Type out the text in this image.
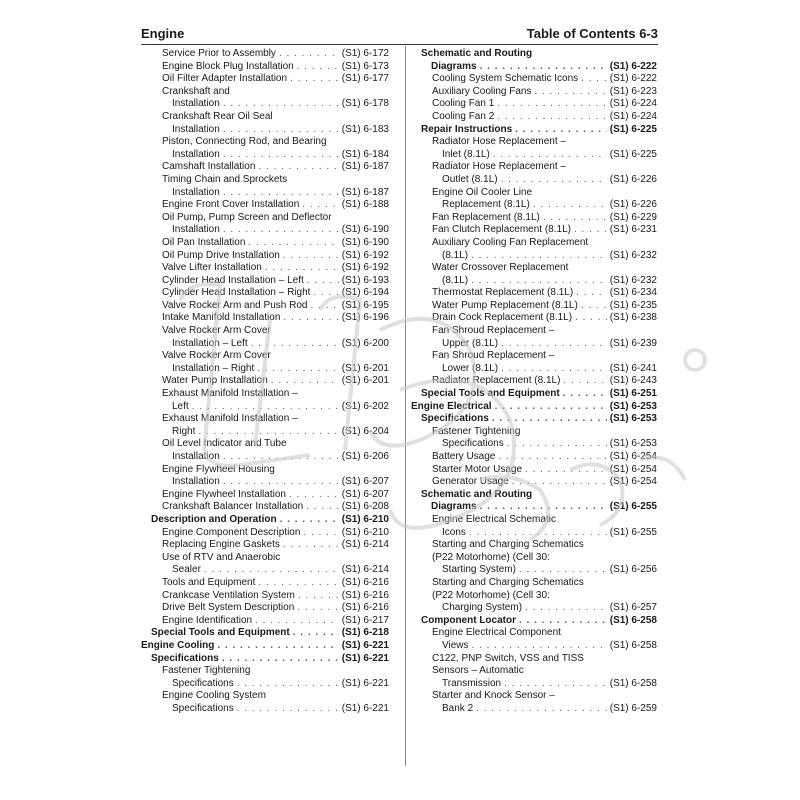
Engine	Table of Contents 6-3
Service Prior to Assembly . . .	(S1) 6-172
Engine Block Plug Installation . . .	(S1) 6-173
Oil Filter Adapter Installation . . .	(S1) 6-177
Crankshaft and
Installation . . .	(S1) 6-178
Crankshaft Rear Oil Seal
Installation . . .	(S1) 6-183
Piston, Connecting Rod, and Bearing
Installation . . .	(S1) 6-184
Camshaft Installation . . .	(S1) 6-187
Timing Chain and Sprockets
Installation . . .	(S1) 6-187
Engine Front Cover Installation . . .	(S1) 6-188
Oil Pump, Pump Screen and Deflector
Installation . . .	(S1) 6-190
Oil Pan Installation . . .	(S1) 6-190
Oil Pump Drive Installation . . .	(S1) 6-192
Valve Lifter Installation . . .	(S1) 6-192
Cylinder Head Installation – Left . . .	(S1) 6-193
Cylinder Head Installation – Right . . .	(S1) 6-194
Valve Rocker Arm and Push Rod . . .	(S1) 6-195
Intake Manifold Installation . . .	(S1) 6-196
Valve Rocker Arm Cover
Installation – Left . . .	(S1) 6-200
Valve Rocker Arm Cover
Installation – Right . . .	(S1) 6-201
Water Pump Installation . . .	(S1) 6-201
Exhaust Manifold Installation –
Left . . .	(S1) 6-202
Exhaust Manifold Installation –
Right . . .	(S1) 6-204
Oil Level Indicator and Tube
Installation . . .	(S1) 6-206
Engine Flywheel Housing
Installation . . .	(S1) 6-207
Engine Flywheel Installation . . .	(S1) 6-207
Crankshaft Balancer Installation . . .	(S1) 6-208
Description and Operation . . .	(S1) 6-210
Engine Component Description . . .	(S1) 6-210
Replacing Engine Gaskets . . .	(S1) 6-214
Use of RTV and Anaerobic
Sealer . . .	(S1) 6-214
Tools and Equipment . . .	(S1) 6-216
Crankcase Ventilation System . . .	(S1) 6-216
Drive Belt System Description . . .	(S1) 6-216
Engine Identification . . .	(S1) 6-217
Special Tools and Equipment . . .	(S1) 6-218
Engine Cooling . . .	(S1) 6-221
Specifications . . .	(S1) 6-221
Fastener Tightening
Specifications . . .	(S1) 6-221
Engine Cooling System
Specifications . . .	(S1) 6-221
Schematic and Routing
Diagrams . . .	(S1) 6-222
Cooling System Schematic Icons . . .	(S1) 6-222
Auxiliary Cooling Fans . . .	(S1) 6-223
Cooling Fan 1 . . .	(S1) 6-224
Cooling Fan 2 . . .	(S1) 6-224
Repair Instructions . . .	(S1) 6-225
Radiator Hose Replacement –
Inlet (8.1L) . . .	(S1) 6-225
Radiator Hose Replacement –
Outlet (8.1L) . . .	(S1) 6-226
Engine Oil Cooler Line
Replacement (8.1L) . . .	(S1) 6-226
Fan Replacement (8.1L) . . .	(S1) 6-229
Fan Clutch Replacement (8.1L) . . .	(S1) 6-231
Auxiliary Cooling Fan Replacement
(8.1L) . . .	(S1) 6-232
Water Crossover Replacement
(8.1L) . . .	(S1) 6-232
Thermostat Replacement (8.1L) . . .	(S1) 6-234
Water Pump Replacement (8.1L) . . .	(S1) 6-235
Drain Cock Replacement (8.1L) . . .	(S1) 6-238
Fan Shroud Replacement –
Upper (8.1L) . . .	(S1) 6-239
Fan Shroud Replacement –
Lower (8.1L) . . .	(S1) 6-241
Radiator Replacement (8.1L) . . .	(S1) 6-243
Special Tools and Equipment . . .	(S1) 6-251
Engine Electrical . . .	(S1) 6-253
Specifications . . .	(S1) 6-253
Fastener Tightening
Specifications . . .	(S1) 6-253
Battery Usage . . .	(S1) 6-254
Starter Motor Usage . . .	(S1) 6-254
Generator Usage . . .	(S1) 6-254
Schematic and Routing
Diagrams . . .	(S1) 6-255
Engine Electrical Schematic
Icons . . .	(S1) 6-255
Starting and Charging Schematics
(P22 Motorhome) (Cell 30:
Starting System) . . .	(S1) 6-256
Starting and Charging Schematics
(P22 Motorhome) (Cell 30:
Charging System) . . .	(S1) 6-257
Component Locator . . .	(S1) 6-258
Engine Electrical Component
Views . . .	(S1) 6-258
C122, PNP Switch, VSS and TISS
Sensors – Automatic
Transmission . . .	(S1) 6-258
Starter and Knock Sensor –
Bank 2 . . .	(S1) 6-259
